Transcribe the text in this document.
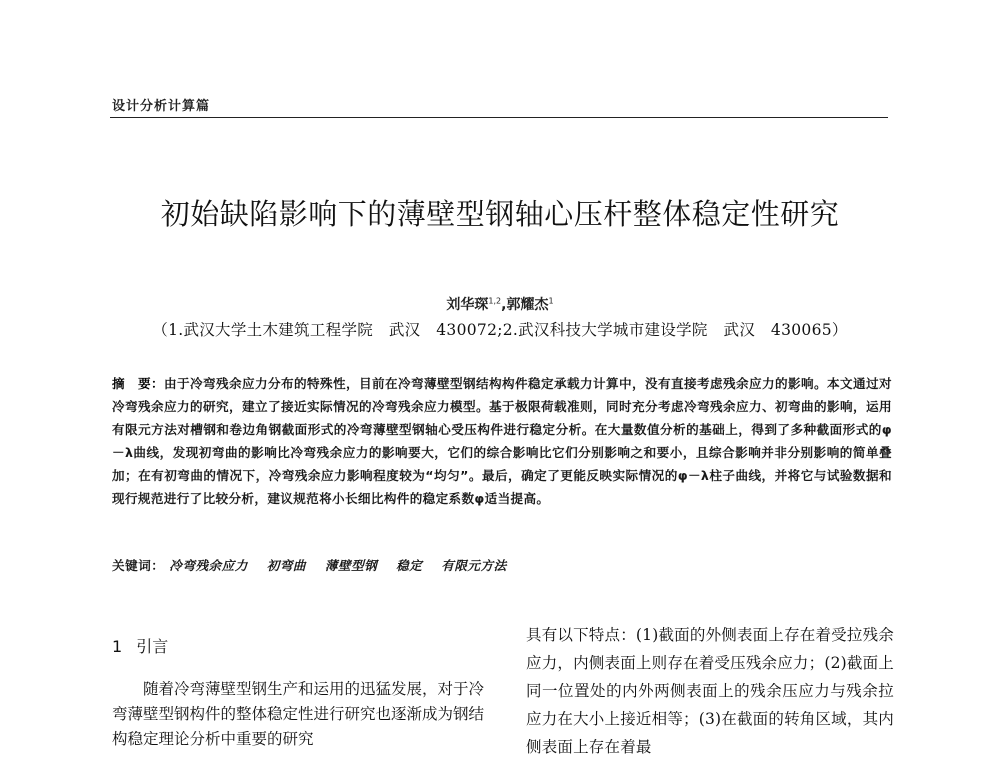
设计分析计算篇
初始缺陷影响下的薄壁型钢轴心压杆整体稳定性研究
刘华琛$^{1,2}$,郭耀杰$^1$
（1.武汉大学土木建筑工程学院　武汉　430072;2.武汉科技大学城市建设学院　武汉　430065）
摘　要：由于冷弯残余应力分布的特殊性，目前在冷弯薄壁型钢结构构件稳定承载力计算中，没有直接考虑残余应力的影响。本文通过对冷弯残余应力的研究，建立了接近实际情况的冷弯残余应力模型。基于极限荷载准则，同时充分考虑冷弯残余应力、初弯曲的影响，运用有限元方法对槽钢和卷边角钢截面形式的冷弯薄壁型钢轴心受压构件进行稳定分析。在大量数值分析的基础上，得到了多种截面形式的φ－λ曲线，发现初弯曲的影响比冷弯残余应力的影响要大，它们的综合影响比它们分别影响之和要小，且综合影响并非分别影响的简单叠加；在有初弯曲的情况下，冷弯残余应力影响程度较为“均匀”。最后，确定了更能反映实际情况的φ－λ柱子曲线，并将它与试验数据和现行规范进行了比较分析，建议规范将小长细比构件的稳定系数φ适当提高。
关键词： 冷弯残余应力 初弯曲 薄壁型钢 稳定 有限元方法
1 引言

随着冷弯薄壁型钢生产和运用的迅猛发展，对于冷弯薄壁型钢构件的整体稳定性进行研究也逐渐成为钢结构稳定理论分析中重要的研究

具有以下特点：(1)截面的外侧表面上存在着受拉残余应力，内侧表面上则存在着受压残余应力；(2)截面上同一位置处的内外两侧表面上的残余压应力与残余拉应力在大小上接近相等；(3)在截面的转角区域，其内侧表面上存在着最
